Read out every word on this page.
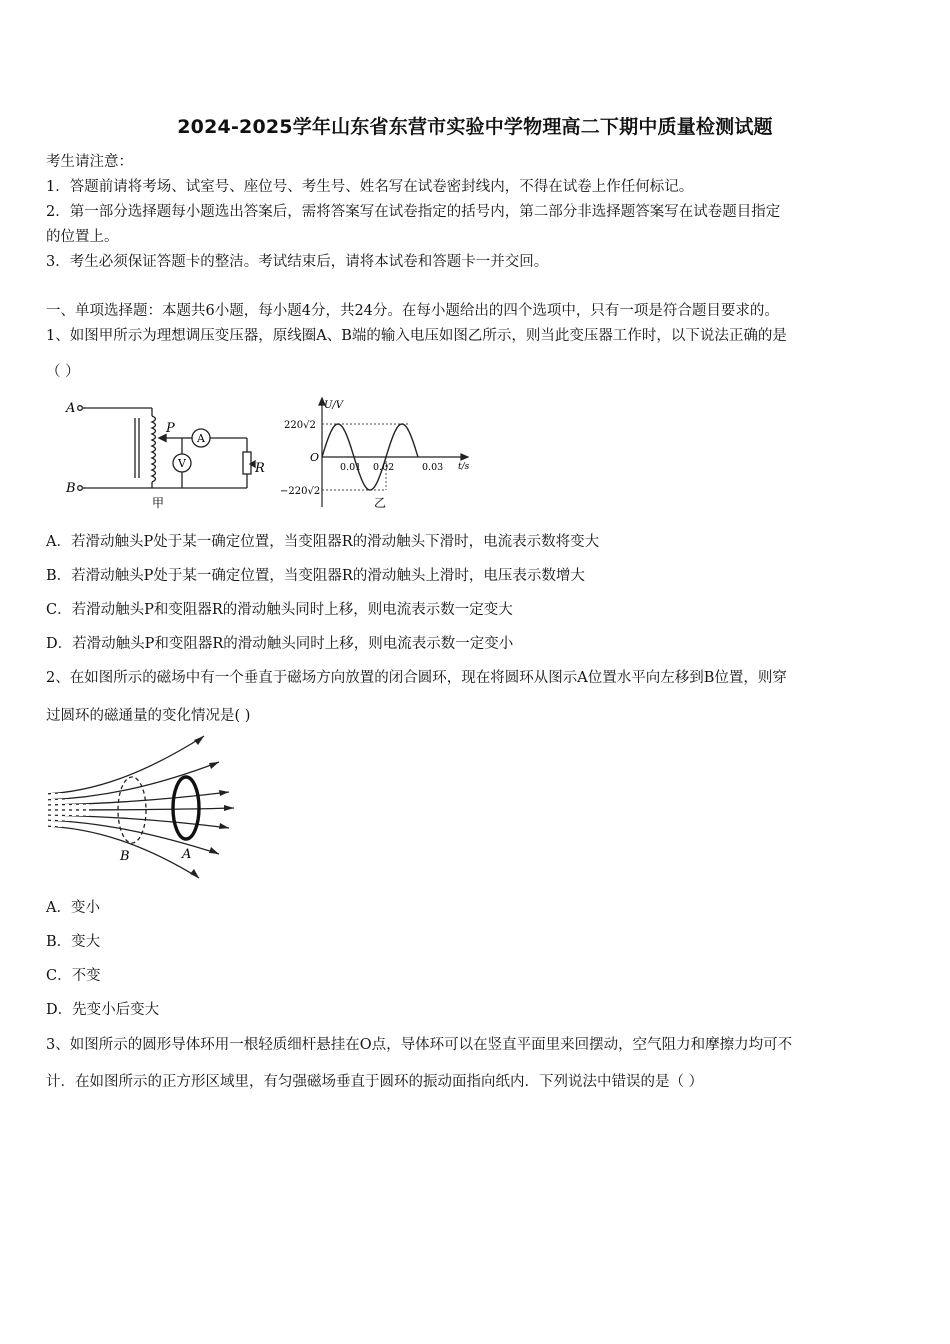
2024-2025学年山东省东营市实验中学物理高二下期中质量检测试题
考生请注意：
1．答题前请将考场、试室号、座位号、考生号、姓名写在试卷密封线内，不得在试卷上作任何标记。
2．第一部分选择题每小题选出答案后，需将答案写在试卷指定的括号内，第二部分非选择题答案写在试卷题目指定
的位置上。
3．考生必须保证答题卡的整洁。考试结束后，请将本试卷和答题卡一并交回。
一、单项选择题：本题共6小题，每小题4分，共24分。在每小题给出的四个选项中，只有一项是符合题目要求的。
1、如图甲所示为理想调压变压器，原线圈A、B端的输入电压如图乙所示，则当此变压器工作时，以下说法正确的是
（ ）
A
B
P
A
V	R
甲
U/V
220√2
−220√2
O
0.01 0.02	0.03 t/s
乙
A．若滑动触头P处于某一确定位置，当变阻器R的滑动触头下滑时，电流表示数将变大
B．若滑动触头P处于某一确定位置，当变阻器R的滑动触头上滑时，电压表示数增大
C．若滑动触头P和变阻器R的滑动触头同时上移，则电流表示数一定变大
D．若滑动触头P和变阻器R的滑动触头同时上移，则电流表示数一定变小
2、在如图所示的磁场中有一个垂直于磁场方向放置的闭合圆环，现在将圆环从图示A位置水平向左移到B位置，则穿
过圆环的磁通量的变化情况是( )
B	A
A．变小
B．变大
C．不变
D．先变小后变大
3、如图所示的圆形导体环用一根轻质细杆悬挂在O点，导体环可以在竖直平面里来回摆动，空气阻力和摩擦力均可不
计．在如图所示的正方形区域里，有匀强磁场垂直于圆环的振动面指向纸内．下列说法中错误的是（ ）
